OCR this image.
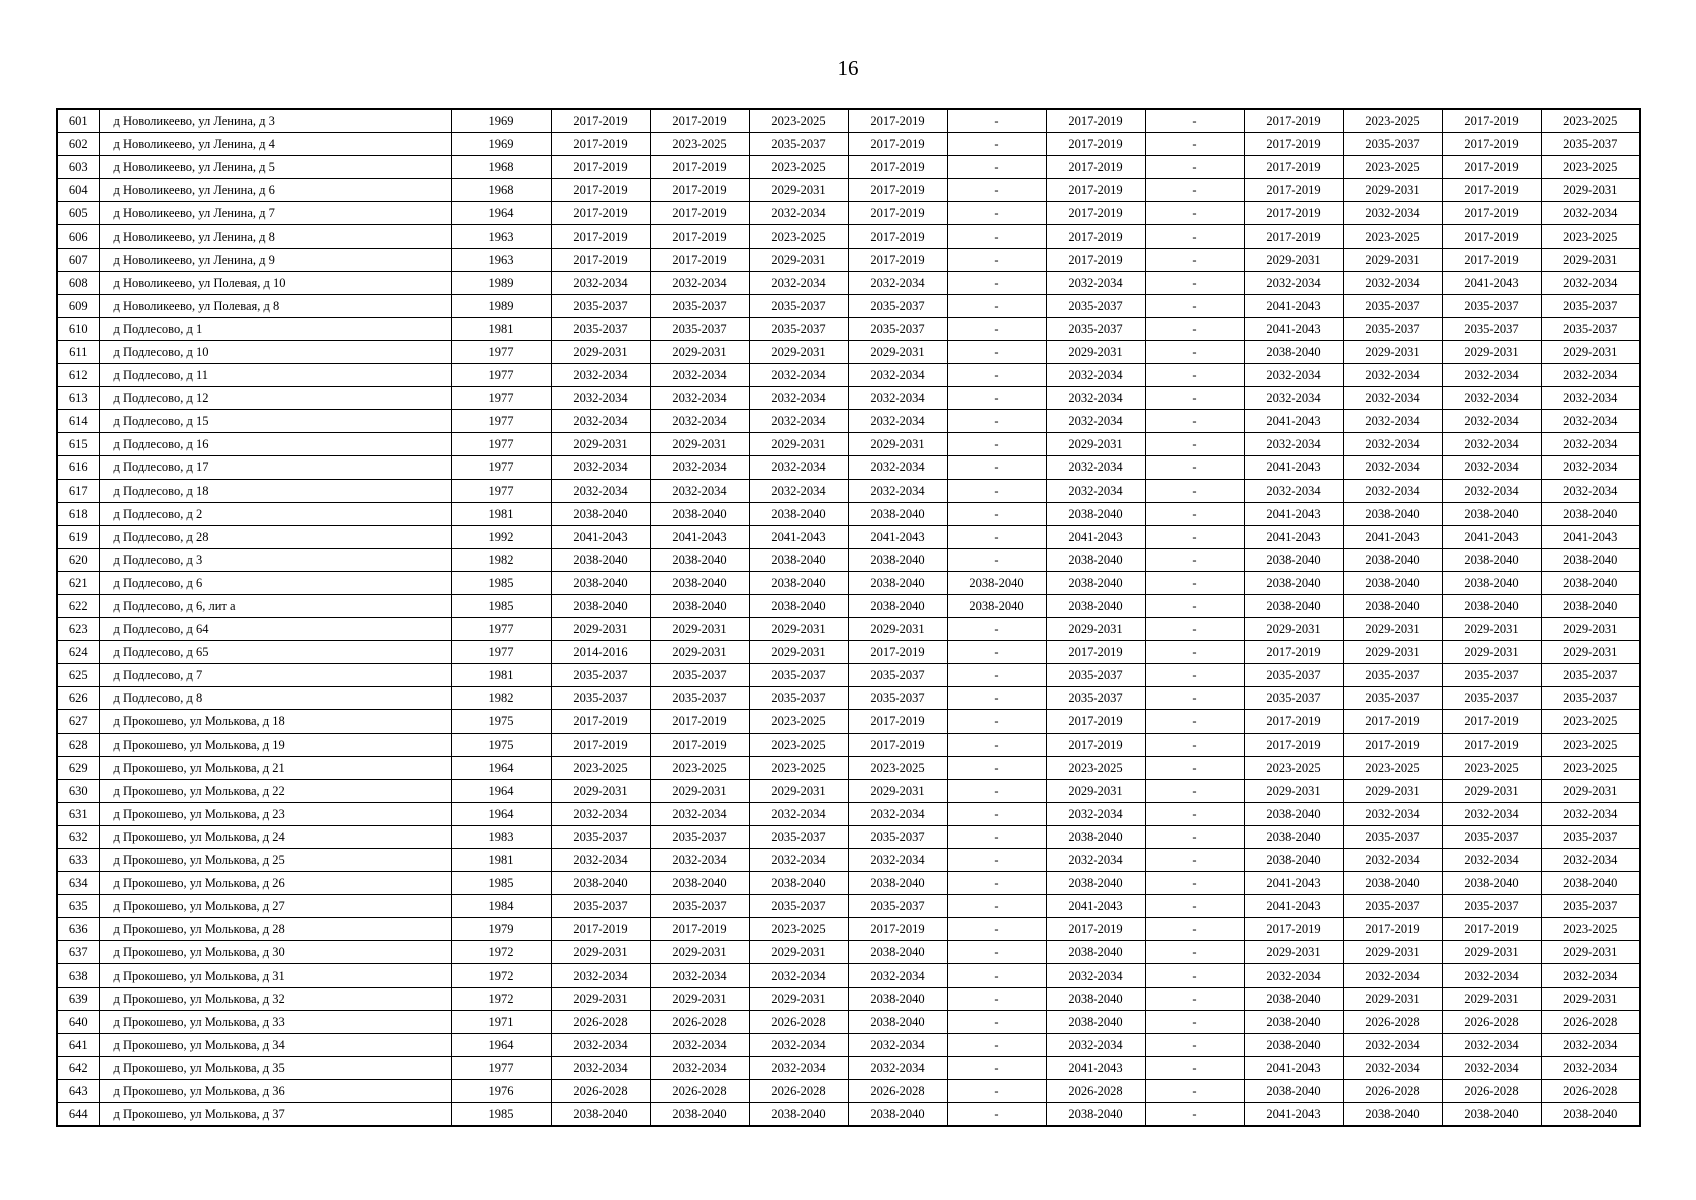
16
601	д Новоликеево, ул Ленина, д 3	1969	2017-2019	2017-2019	2023-2025	2017-2019	-	2017-2019	-	2017-2019	2023-2025	2017-2019	2023-2025
602	д Новоликеево, ул Ленина, д 4	1969	2017-2019	2023-2025	2035-2037	2017-2019	-	2017-2019	-	2017-2019	2035-2037	2017-2019	2035-2037
603	д Новоликеево, ул Ленина, д 5	1968	2017-2019	2017-2019	2023-2025	2017-2019	-	2017-2019	-	2017-2019	2023-2025	2017-2019	2023-2025
604	д Новоликеево, ул Ленина, д 6	1968	2017-2019	2017-2019	2029-2031	2017-2019	-	2017-2019	-	2017-2019	2029-2031	2017-2019	2029-2031
605	д Новоликеево, ул Ленина, д 7	1964	2017-2019	2017-2019	2032-2034	2017-2019	-	2017-2019	-	2017-2019	2032-2034	2017-2019	2032-2034
606	д Новоликеево, ул Ленина, д 8	1963	2017-2019	2017-2019	2023-2025	2017-2019	-	2017-2019	-	2017-2019	2023-2025	2017-2019	2023-2025
607	д Новоликеево, ул Ленина, д 9	1963	2017-2019	2017-2019	2029-2031	2017-2019	-	2017-2019	-	2029-2031	2029-2031	2017-2019	2029-2031
608	д Новоликеево, ул Полевая, д 10	1989	2032-2034	2032-2034	2032-2034	2032-2034	-	2032-2034	-	2032-2034	2032-2034	2041-2043	2032-2034
609	д Новоликеево, ул Полевая, д 8	1989	2035-2037	2035-2037	2035-2037	2035-2037	-	2035-2037	-	2041-2043	2035-2037	2035-2037	2035-2037
610	д Подлесово, д 1	1981	2035-2037	2035-2037	2035-2037	2035-2037	-	2035-2037	-	2041-2043	2035-2037	2035-2037	2035-2037
611	д Подлесово, д 10	1977	2029-2031	2029-2031	2029-2031	2029-2031	-	2029-2031	-	2038-2040	2029-2031	2029-2031	2029-2031
612	д Подлесово, д 11	1977	2032-2034	2032-2034	2032-2034	2032-2034	-	2032-2034	-	2032-2034	2032-2034	2032-2034	2032-2034
613	д Подлесово, д 12	1977	2032-2034	2032-2034	2032-2034	2032-2034	-	2032-2034	-	2032-2034	2032-2034	2032-2034	2032-2034
614	д Подлесово, д 15	1977	2032-2034	2032-2034	2032-2034	2032-2034	-	2032-2034	-	2041-2043	2032-2034	2032-2034	2032-2034
615	д Подлесово, д 16	1977	2029-2031	2029-2031	2029-2031	2029-2031	-	2029-2031	-	2032-2034	2032-2034	2032-2034	2032-2034
616	д Подлесово, д 17	1977	2032-2034	2032-2034	2032-2034	2032-2034	-	2032-2034	-	2041-2043	2032-2034	2032-2034	2032-2034
617	д Подлесово, д 18	1977	2032-2034	2032-2034	2032-2034	2032-2034	-	2032-2034	-	2032-2034	2032-2034	2032-2034	2032-2034
618	д Подлесово, д 2	1981	2038-2040	2038-2040	2038-2040	2038-2040	-	2038-2040	-	2041-2043	2038-2040	2038-2040	2038-2040
619	д Подлесово, д 28	1992	2041-2043	2041-2043	2041-2043	2041-2043	-	2041-2043	-	2041-2043	2041-2043	2041-2043	2041-2043
620	д Подлесово, д 3	1982	2038-2040	2038-2040	2038-2040	2038-2040	-	2038-2040	-	2038-2040	2038-2040	2038-2040	2038-2040
621	д Подлесово, д 6	1985	2038-2040	2038-2040	2038-2040	2038-2040	2038-2040	2038-2040	-	2038-2040	2038-2040	2038-2040	2038-2040
622	д Подлесово, д 6, лит а	1985	2038-2040	2038-2040	2038-2040	2038-2040	2038-2040	2038-2040	-	2038-2040	2038-2040	2038-2040	2038-2040
623	д Подлесово, д 64	1977	2029-2031	2029-2031	2029-2031	2029-2031	-	2029-2031	-	2029-2031	2029-2031	2029-2031	2029-2031
624	д Подлесово, д 65	1977	2014-2016	2029-2031	2029-2031	2017-2019	-	2017-2019	-	2017-2019	2029-2031	2029-2031	2029-2031
625	д Подлесово, д 7	1981	2035-2037	2035-2037	2035-2037	2035-2037	-	2035-2037	-	2035-2037	2035-2037	2035-2037	2035-2037
626	д Подлесово, д 8	1982	2035-2037	2035-2037	2035-2037	2035-2037	-	2035-2037	-	2035-2037	2035-2037	2035-2037	2035-2037
627	д Прокошево, ул Молькова, д 18	1975	2017-2019	2017-2019	2023-2025	2017-2019	-	2017-2019	-	2017-2019	2017-2019	2017-2019	2023-2025
628	д Прокошево, ул Молькова, д 19	1975	2017-2019	2017-2019	2023-2025	2017-2019	-	2017-2019	-	2017-2019	2017-2019	2017-2019	2023-2025
629	д Прокошево, ул Молькова, д 21	1964	2023-2025	2023-2025	2023-2025	2023-2025	-	2023-2025	-	2023-2025	2023-2025	2023-2025	2023-2025
630	д Прокошево, ул Молькова, д 22	1964	2029-2031	2029-2031	2029-2031	2029-2031	-	2029-2031	-	2029-2031	2029-2031	2029-2031	2029-2031
631	д Прокошево, ул Молькова, д 23	1964	2032-2034	2032-2034	2032-2034	2032-2034	-	2032-2034	-	2038-2040	2032-2034	2032-2034	2032-2034
632	д Прокошево, ул Молькова, д 24	1983	2035-2037	2035-2037	2035-2037	2035-2037	-	2038-2040	-	2038-2040	2035-2037	2035-2037	2035-2037
633	д Прокошево, ул Молькова, д 25	1981	2032-2034	2032-2034	2032-2034	2032-2034	-	2032-2034	-	2038-2040	2032-2034	2032-2034	2032-2034
634	д Прокошево, ул Молькова, д 26	1985	2038-2040	2038-2040	2038-2040	2038-2040	-	2038-2040	-	2041-2043	2038-2040	2038-2040	2038-2040
635	д Прокошево, ул Молькова, д 27	1984	2035-2037	2035-2037	2035-2037	2035-2037	-	2041-2043	-	2041-2043	2035-2037	2035-2037	2035-2037
636	д Прокошево, ул Молькова, д 28	1979	2017-2019	2017-2019	2023-2025	2017-2019	-	2017-2019	-	2017-2019	2017-2019	2017-2019	2023-2025
637	д Прокошево, ул Молькова, д 30	1972	2029-2031	2029-2031	2029-2031	2038-2040	-	2038-2040	-	2029-2031	2029-2031	2029-2031	2029-2031
638	д Прокошево, ул Молькова, д 31	1972	2032-2034	2032-2034	2032-2034	2032-2034	-	2032-2034	-	2032-2034	2032-2034	2032-2034	2032-2034
639	д Прокошево, ул Молькова, д 32	1972	2029-2031	2029-2031	2029-2031	2038-2040	-	2038-2040	-	2038-2040	2029-2031	2029-2031	2029-2031
640	д Прокошево, ул Молькова, д 33	1971	2026-2028	2026-2028	2026-2028	2038-2040	-	2038-2040	-	2038-2040	2026-2028	2026-2028	2026-2028
641	д Прокошево, ул Молькова, д 34	1964	2032-2034	2032-2034	2032-2034	2032-2034	-	2032-2034	-	2038-2040	2032-2034	2032-2034	2032-2034
642	д Прокошево, ул Молькова, д 35	1977	2032-2034	2032-2034	2032-2034	2032-2034	-	2041-2043	-	2041-2043	2032-2034	2032-2034	2032-2034
643	д Прокошево, ул Молькова, д 36	1976	2026-2028	2026-2028	2026-2028	2026-2028	-	2026-2028	-	2038-2040	2026-2028	2026-2028	2026-2028
644	д Прокошево, ул Молькова, д 37	1985	2038-2040	2038-2040	2038-2040	2038-2040	-	2038-2040	-	2041-2043	2038-2040	2038-2040	2038-2040
